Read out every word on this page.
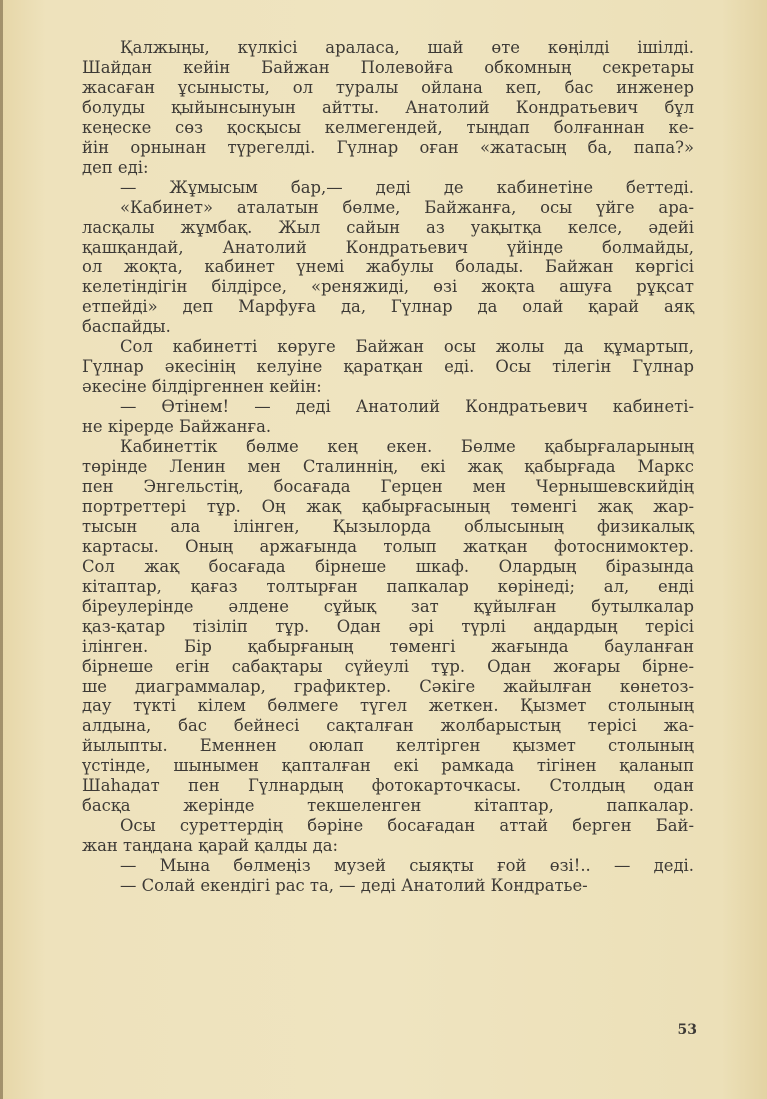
Қалжыңы, күлкісі араласа, шай өте көңілді ішілді.
Шайдан кейін Байжан Полевойға обкомның секретары
жасаған ұсынысты, ол туралы ойлана кеп, бас инженер
болуды қыйынсынуын айтты. Анатолий Кондратьевич бұл
кеңеске сөз қосқысы келмегендей, тыңдап болғаннан ке-
йін орнынан түрегелді. Гүлнар оған «жатасың ба, папа?»
деп еді:

— Жұмысым бар,— деді де кабинетіне беттеді.

«Кабинет» аталатын бөлме, Байжанға, осы үйге ара-
ласқалы жұмбақ. Жыл сайын аз уақытқа келсе, әдейі
қашқандай, Анатолий Кондратьевич үйінде болмайды,
ол жоқта, кабинет үнемі жабулы болады. Байжан көргісі
келетіндігін білдірсе, «реняжиді, өзі жоқта ашуға рұқсат
етпейді» деп Марфуға да, Гүлнар да олай қарай аяқ
баспайды.

Сол кабинетті көруге Байжан осы жолы да құмартып,
Гүлнар әкесінің келуіне қаратқан еді. Осы тілегін Гүлнар
әкесіне білдіргеннен кейін:

— Өтінем! — деді Анатолий Кондратьевич кабинеті-
не кірерде Байжанға.

Кабинеттік бөлме кең екен. Бөлме қабырғаларының
төрінде Ленин мен Сталиннің, екі жақ қабырғада Маркс
пен Энгельстің, босағада Герцен мен Чернышевскийдің
портреттері тұр. Оң жақ қабырғасының төменгі жақ жар-
тысын ала ілінген, Қызылорда облысының физикалық
картасы. Оның аржағында толып жатқан фотоснимоктер.
Сол жақ босағада бірнеше шкаф. Олардың біразында
кітаптар, қағаз толтырған папкалар көрінеді; ал, енді
біреулерінде әлдене сұйық зат құйылған бутылкалар
қаз-қатар тізіліп тұр. Одан әрі түрлі аңдардың терісі
ілінген. Бір қабырғаның төменгі жағында бауланған
бірнеше егін сабақтары сүйеулі тұр. Одан жоғары бірне-
ше диаграммалар, графиктер. Сәкіге жайылған көнетоз-
дау түкті кілем бөлмеге түгел жеткен. Қызмет столының
алдына, бас бейнесі сақталған жолбарыстың терісі жа-
йылыпты. Еменнен оюлап келтірген қызмет столының
үстінде, шынымен қапталған екі рамкада тігінен қаланып
Шаһадат пен Гүлнардың фотокарточкасы. Столдың одан
басқа жерінде текшеленген кітаптар, папкалар.

Осы суреттердің бәріне босағадан аттай берген Бай-
жан таңдана қарай қалды да:

— Мына бөлмеңіз музей сыяқты ғой өзі!.. — деді.

— Солай екендігі рас та, — деді Анатолий Кондратье-

53
